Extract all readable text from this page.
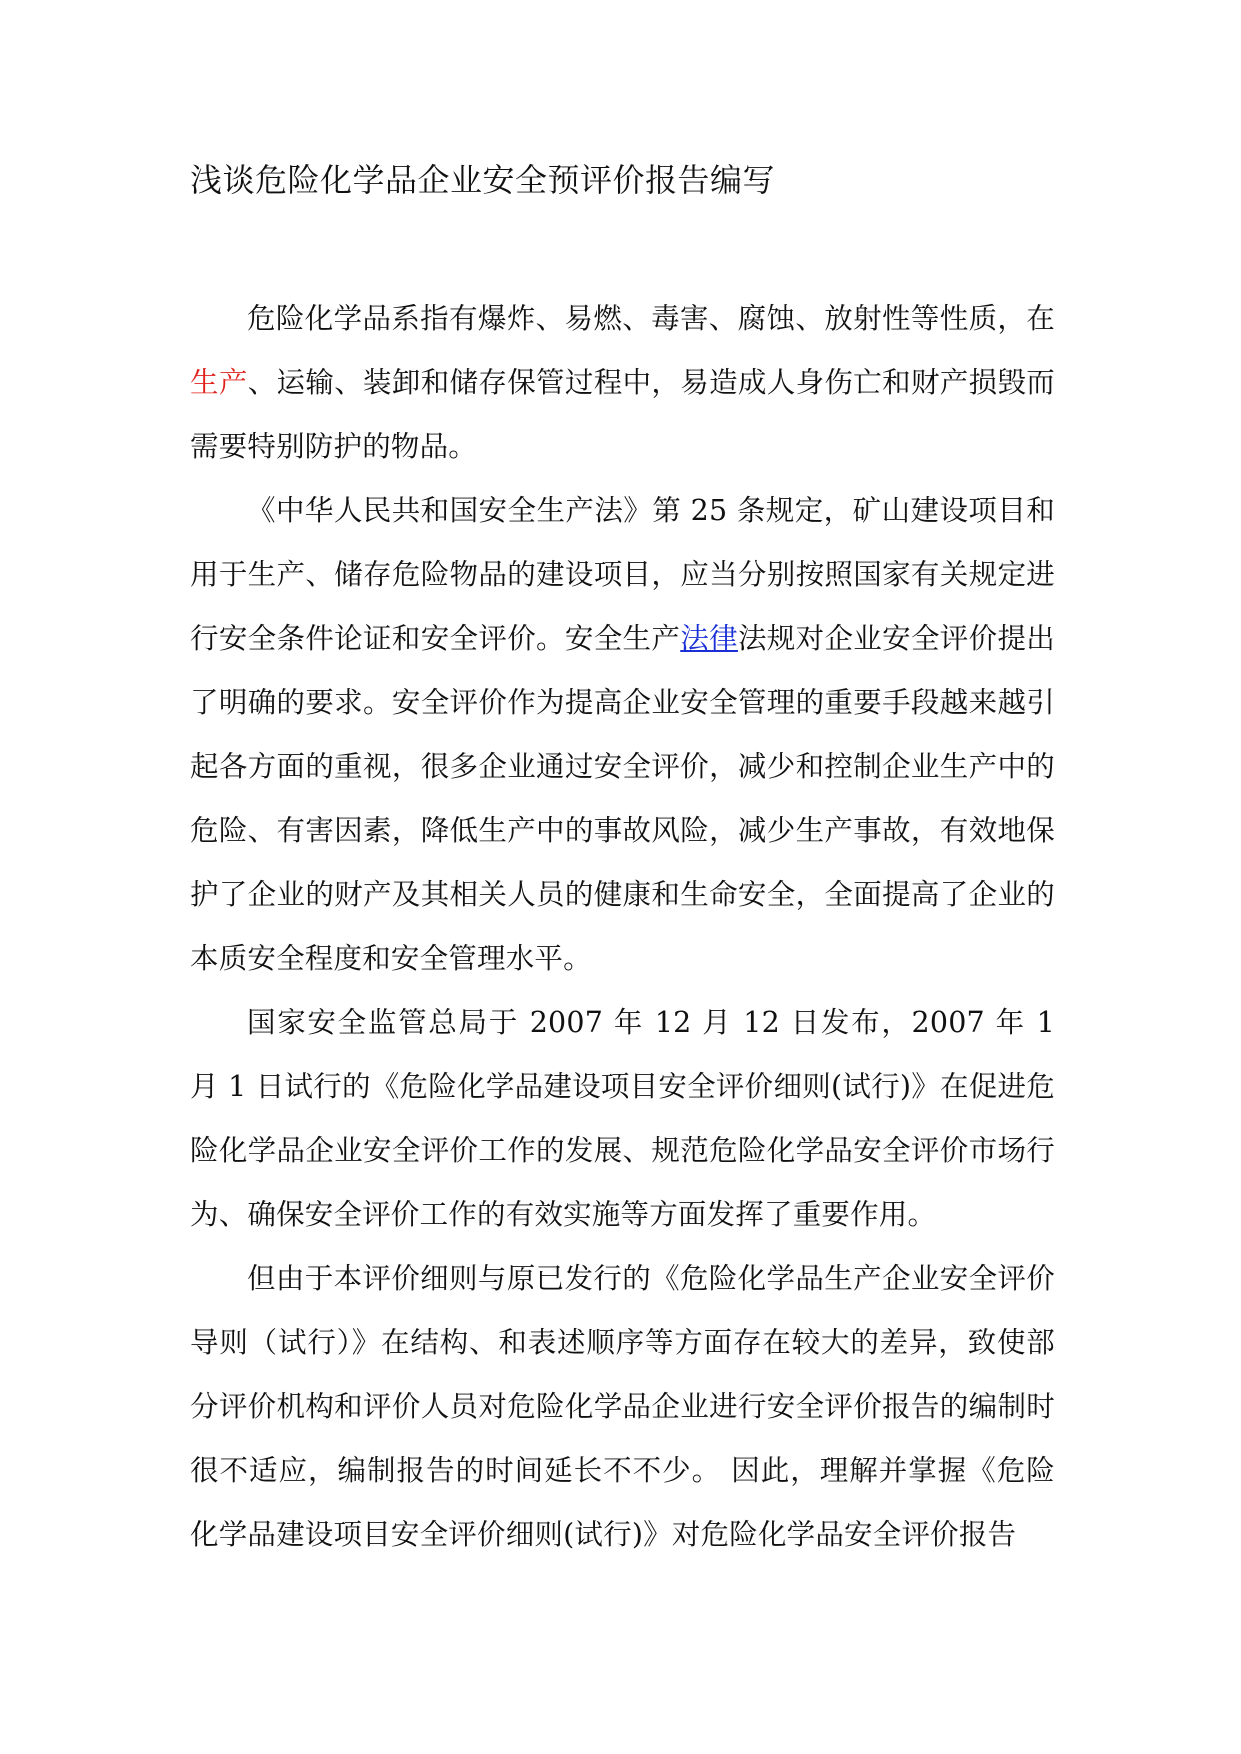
浅谈危险化学品企业安全预评价报告编写

危险化学品系指有爆炸、易燃、毒害、腐蚀、放射性等性质，在生产、运输、装卸和储存保管过程中，易造成人身伤亡和财产损毁而需要特别防护的物品。

《中华人民共和国安全生产法》第 25 条规定，矿山建设项目和用于生产、储存危险物品的建设项目，应当分别按照国家有关规定进行安全条件论证和安全评价。安全生产法律法规对企业安全评价提出了明确的要求。安全评价作为提高企业安全管理的重要手段越来越引起各方面的重视，很多企业通过安全评价，减少和控制企业生产中的危险、有害因素，降低生产中的事故风险，减少生产事故，有效地保护了企业的财产及其相关人员的健康和生命安全，全面提高了企业的本质安全程度和安全管理水平。

国家安全监管总局于 2007 年 12 月 12 日发布，2007 年 1 月 1 日试行的《危险化学品建设项目安全评价细则(试行)》在促进危险化学品企业安全评价工作的发展、规范危险化学品安全评价市场行为、确保安全评价工作的有效实施等方面发挥了重要作用。

但由于本评价细则与原已发行的《危险化学品生产企业安全评价导则（试行）》在结构、和表述顺序等方面存在较大的差异，致使部分评价机构和评价人员对危险化学品企业进行安全评价报告的编制时很不适应，编制报告的时间延长不不少。 因此，理解并掌握《危险化学品建设项目安全评价细则(试行)》对危险化学品安全评价报告
